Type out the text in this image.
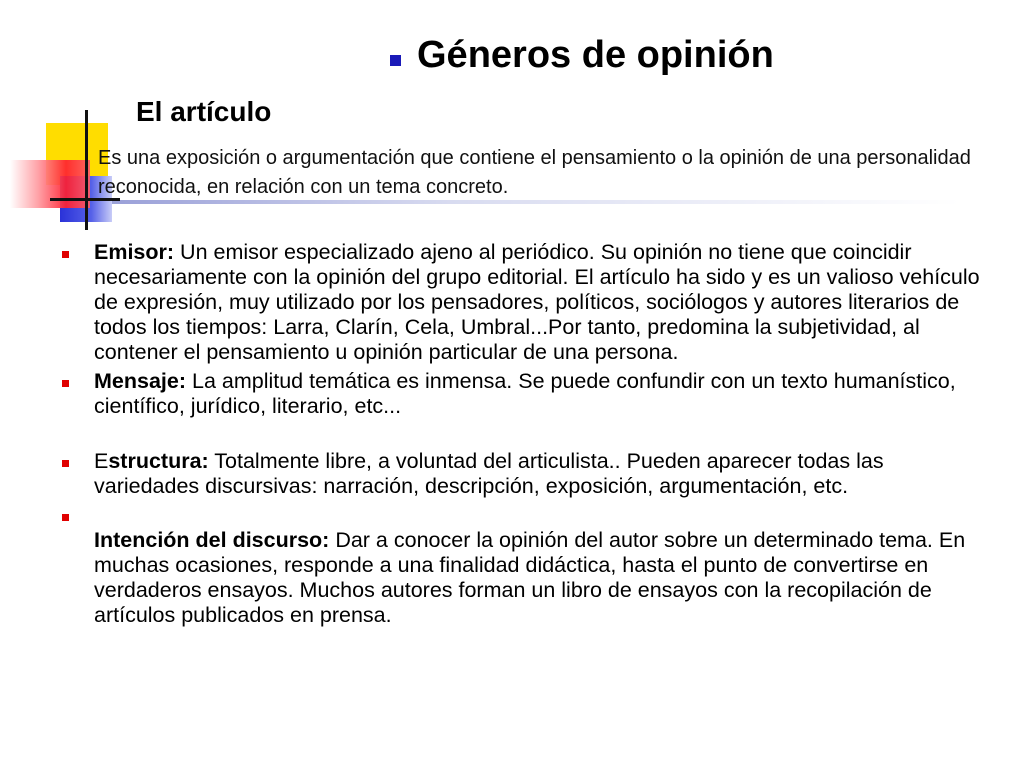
Géneros de opinión
El artículo
Es una exposición o argumentación que contiene el pensamiento o la opinión de una personalidad reconocida, en relación con un tema concreto.
Emisor: Un emisor especializado ajeno al periódico. Su opinión no tiene que coincidir necesariamente con la opinión del grupo editorial. El artículo ha sido y es un valioso vehículo de expresión, muy utilizado por los pensadores, políticos, sociólogos y autores literarios de todos los tiempos: Larra, Clarín, Cela, Umbral...Por tanto, predomina la subjetividad, al contener el pensamiento u opinión particular de una persona.
Mensaje: La amplitud temática es inmensa. Se puede confundir con un texto humanístico, científico, jurídico, literario, etc...
Estructura: Totalmente libre, a voluntad del articulista.. Pueden aparecer todas las variedades discursivas: narración, descripción, exposición, argumentación, etc.
Intención del discurso: Dar a conocer la opinión del autor sobre un determinado tema. En muchas ocasiones, responde a una finalidad didáctica, hasta el punto de convertirse en verdaderos ensayos. Muchos autores forman un libro de ensayos con la recopilación de artículos publicados en prensa.
